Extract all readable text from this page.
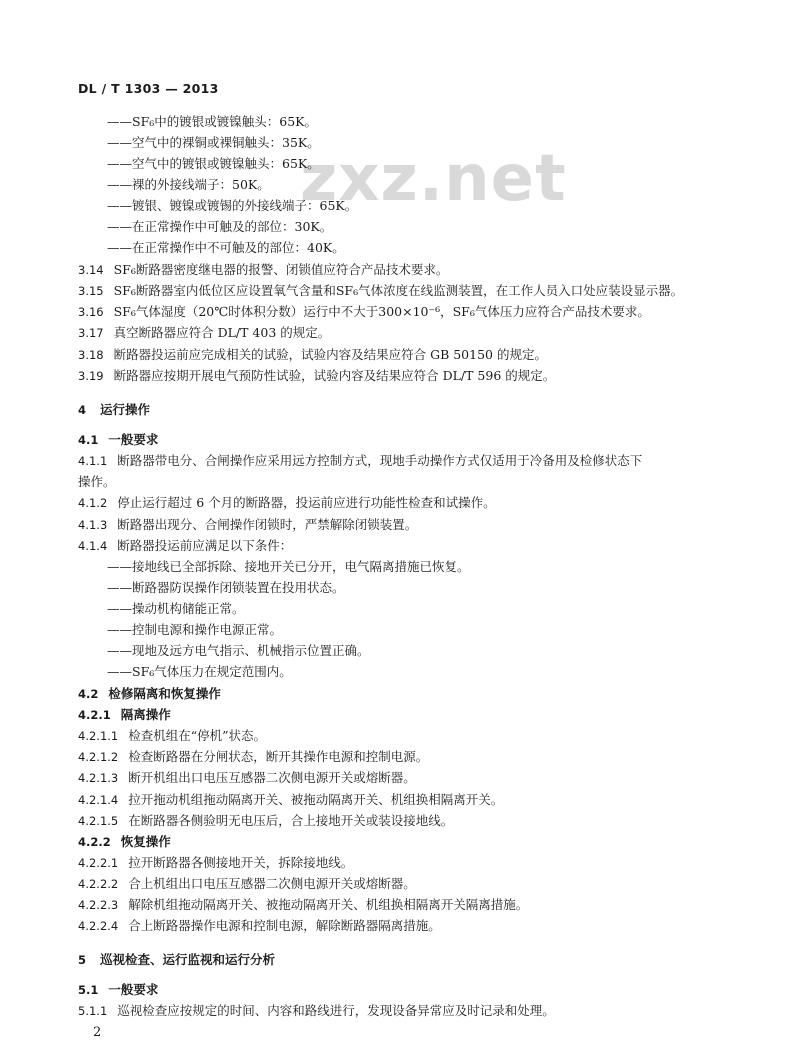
DL / T 1303 — 2013
zxz.net
——SF₆中的镀银或镀镍触头：65K。
——空气中的裸铜或裸铜触头：35K。
——空气中的镀银或镀镍触头：65K。
——裸的外接线端子：50K。
——镀银、镀镍或镀锡的外接线端子：65K。
——在正常操作中可触及的部位：30K。
——在正常操作中不可触及的部位：40K。
3.14 SF₆断路器密度继电器的报警、闭锁值应符合产品技术要求。
3.15 SF₆断路器室内低位区应设置氧气含量和SF₆气体浓度在线监测装置，在工作人员入口处应装设显示器。
3.16 SF₆气体湿度（20℃时体积分数）运行中不大于300×10⁻⁶，SF₆气体压力应符合产品技术要求。
3.17 真空断路器应符合 DL/T 403 的规定。
3.18 断路器投运前应完成相关的试验，试验内容及结果应符合 GB 50150 的规定。
3.19 断路器应按期开展电气预防性试验，试验内容及结果应符合 DL/T 596 的规定。
4 运行操作
4.1 一般要求
4.1.1 断路器带电分、合闸操作应采用远方控制方式，现地手动操作方式仅适用于冷备用及检修状态下
操作。
4.1.2 停止运行超过 6 个月的断路器，投运前应进行功能性检查和试操作。
4.1.3 断路器出现分、合闸操作闭锁时，严禁解除闭锁装置。
4.1.4 断路器投运前应满足以下条件：
——接地线已全部拆除、接地开关已分开，电气隔离措施已恢复。
——断路器防误操作闭锁装置在投用状态。
——操动机构储能正常。
——控制电源和操作电源正常。
——现地及远方电气指示、机械指示位置正确。
——SF₆气体压力在规定范围内。
4.2 检修隔离和恢复操作
4.2.1 隔离操作
4.2.1.1 检查机组在“停机”状态。
4.2.1.2 检查断路器在分闸状态，断开其操作电源和控制电源。
4.2.1.3 断开机组出口电压互感器二次侧电源开关或熔断器。
4.2.1.4 拉开拖动机组拖动隔离开关、被拖动隔离开关、机组换相隔离开关。
4.2.1.5 在断路器各侧验明无电压后，合上接地开关或装设接地线。
4.2.2 恢复操作
4.2.2.1 拉开断路器各侧接地开关，拆除接地线。
4.2.2.2 合上机组出口电压互感器二次侧电源开关或熔断器。
4.2.2.3 解除机组拖动隔离开关、被拖动隔离开关、机组换相隔离开关隔离措施。
4.2.2.4 合上断路器操作电源和控制电源，解除断路器隔离措施。
5 巡视检查、运行监视和运行分析
5.1 一般要求
5.1.1 巡视检查应按规定的时间、内容和路线进行，发现设备异常应及时记录和处理。
2
